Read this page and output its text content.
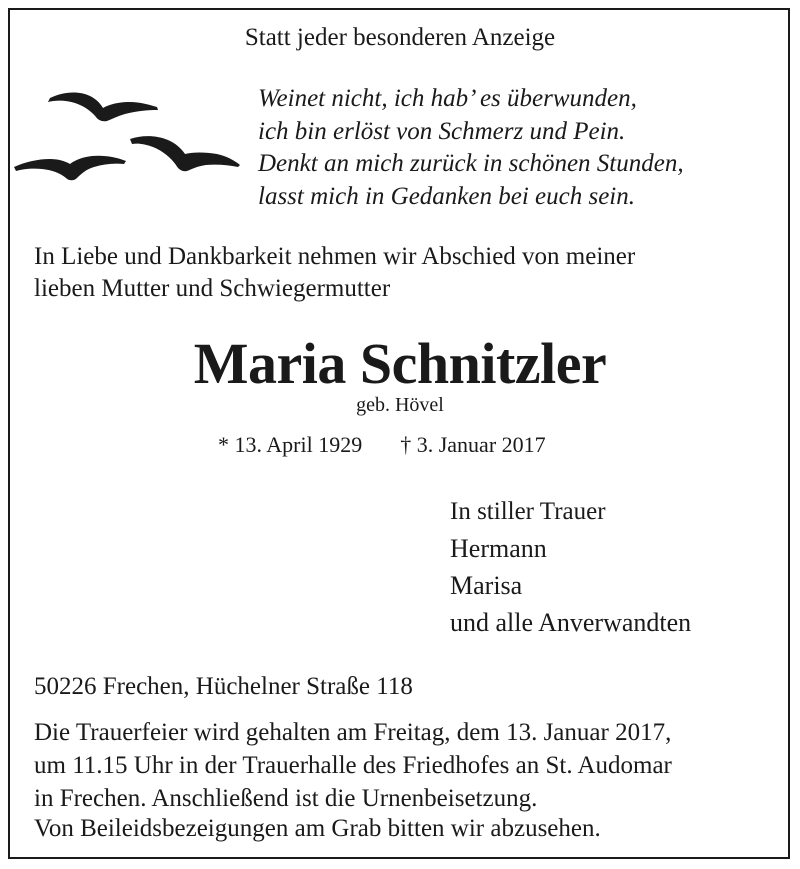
Statt jeder besonderen Anzeige
Weinet nicht, ich hab’ es überwunden,
ich bin erlöst von Schmerz und Pein.
Denkt an mich zurück in schönen Stunden,
lasst mich in Gedanken bei euch sein.
In Liebe und Dankbarkeit nehmen wir Abschied von meiner
lieben Mutter und Schwiegermutter
Maria Schnitzler
geb. Hövel
* 13. April 1929 † 3. Januar 2017
In stiller Trauer
Hermann
Marisa
und alle Anverwandten
50226 Frechen, Hüchelner Straße 118
Die Trauerfeier wird gehalten am Freitag, dem 13. Januar 2017,
um 11.15 Uhr in der Trauerhalle des Friedhofes an St. Audomar
in Frechen. Anschließend ist die Urnenbeisetzung.
Von Beileidsbezeigungen am Grab bitten wir abzusehen.
